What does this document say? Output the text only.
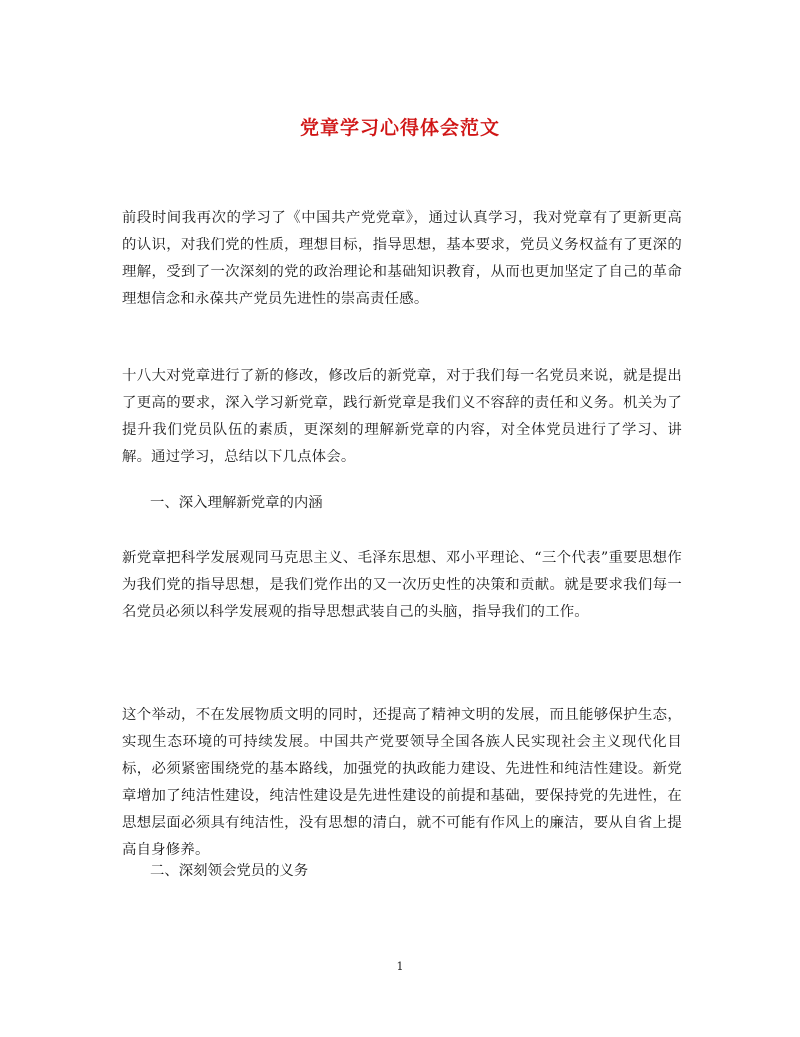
党章学习心得体会范文
前段时间我再次的学习了《中国共产党党章》，通过认真学习，我对党章有了更新更高的认识，对我们党的性质，理想目标，指导思想，基本要求，党员义务权益有了更深的理解，受到了一次深刻的党的政治理论和基础知识教育，从而也更加坚定了自己的革命理想信念和永葆共产党员先进性的崇高责任感。
十八大对党章进行了新的修改，修改后的新党章，对于我们每一名党员来说，就是提出了更高的要求，深入学习新党章，践行新党章是我们义不容辞的责任和义务。机关为了提升我们党员队伍的素质，更深刻的理解新党章的内容，对全体党员进行了学习、讲解。通过学习，总结以下几点体会。
一、深入理解新党章的内涵
新党章把科学发展观同马克思主义、毛泽东思想、邓小平理论、“三个代表”重要思想作为我们党的指导思想，是我们党作出的又一次历史性的决策和贡献。就是要求我们每一名党员必须以科学发展观的指导思想武装自己的头脑，指导我们的工作。
这个举动，不在发展物质文明的同时，还提高了精神文明的发展，而且能够保护生态，实现生态环境的可持续发展。中国共产党要领导全国各族人民实现社会主义现代化目标，必须紧密围绕党的基本路线，加强党的执政能力建设、先进性和纯洁性建设。新党章增加了纯洁性建设，纯洁性建设是先进性建设的前提和基础，要保持党的先进性，在思想层面必须具有纯洁性，没有思想的清白，就不可能有作风上的廉洁，要从自省上提高自身修养。
二、深刻领会党员的义务
1
